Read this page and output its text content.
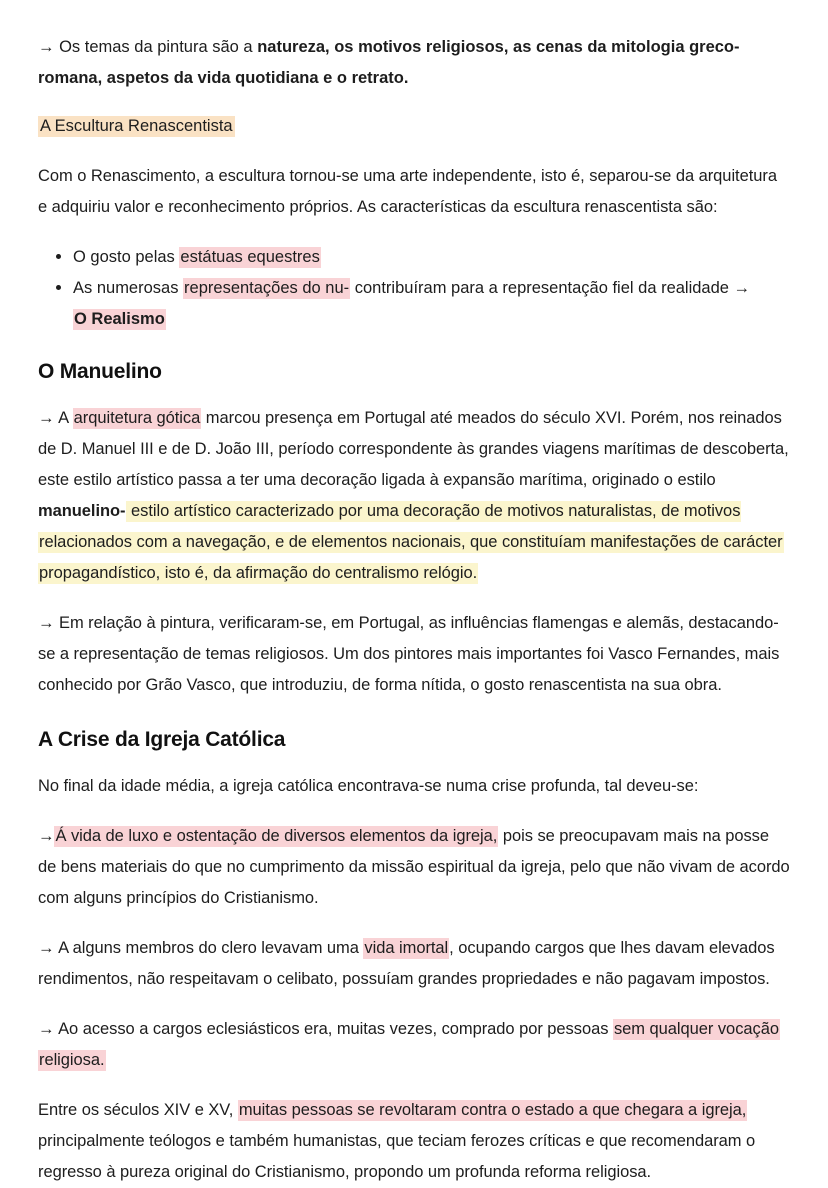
→ Os temas da pintura são a natureza, os motivos religiosos, as cenas da mitologia greco-romana, aspetos da vida quotidiana e o retrato.

A Escultura Renascentista

Com o Renascimento, a escultura tornou-se uma arte independente, isto é, separou-se da arquitetura e adquiriu valor e reconhecimento próprios. As características da escultura renascentista são:

O gosto pelas estátuas equestres
As numerosas representações do nu- contribuíram para a representação fiel da realidade →
O Realismo
O Manuelino

→ A arquitetura gótica marcou presença em Portugal até meados do século XVI. Porém, nos reinados de D. Manuel III e de D. João III, período correspondente às grandes viagens marítimas de descoberta, este estilo artístico passa a ter uma decoração ligada à expansão marítima, originado o estilo manuelino- estilo artístico caracterizado por uma decoração de motivos naturalistas, de motivos relacionados com a navegação, e de elementos nacionais, que constituíam manifestações de carácter propagandístico, isto é, da afirmação do centralismo relógio.

→ Em relação à pintura, verificaram-se, em Portugal, as influências flamengas e alemãs, destacando-se a representação de temas religiosos. Um dos pintores mais importantes foi Vasco Fernandes, mais conhecido por Grão Vasco, que introduziu, de forma nítida, o gosto renascentista na sua obra.

A Crise da Igreja Católica

No final da idade média, a igreja católica encontrava-se numa crise profunda, tal deveu-se:

→Á vida de luxo e ostentação de diversos elementos da igreja, pois se preocupavam mais na posse de bens materiais do que no cumprimento da missão espiritual da igreja, pelo que não vivam de acordo com alguns princípios do Cristianismo.

→ A alguns membros do clero levavam uma vida imortal, ocupando cargos que lhes davam elevados rendimentos, não respeitavam o celibato, possuíam grandes propriedades e não pagavam impostos.

→ Ao acesso a cargos eclesiásticos era, muitas vezes, comprado por pessoas sem qualquer vocação religiosa.

Entre os séculos XIV e XV, muitas pessoas se revoltaram contra o estado a que chegara a igreja, principalmente teólogos e também humanistas, que teciam ferozes críticas e que recomendaram o regresso à pureza original do Cristianismo, propondo um profunda reforma religiosa.
